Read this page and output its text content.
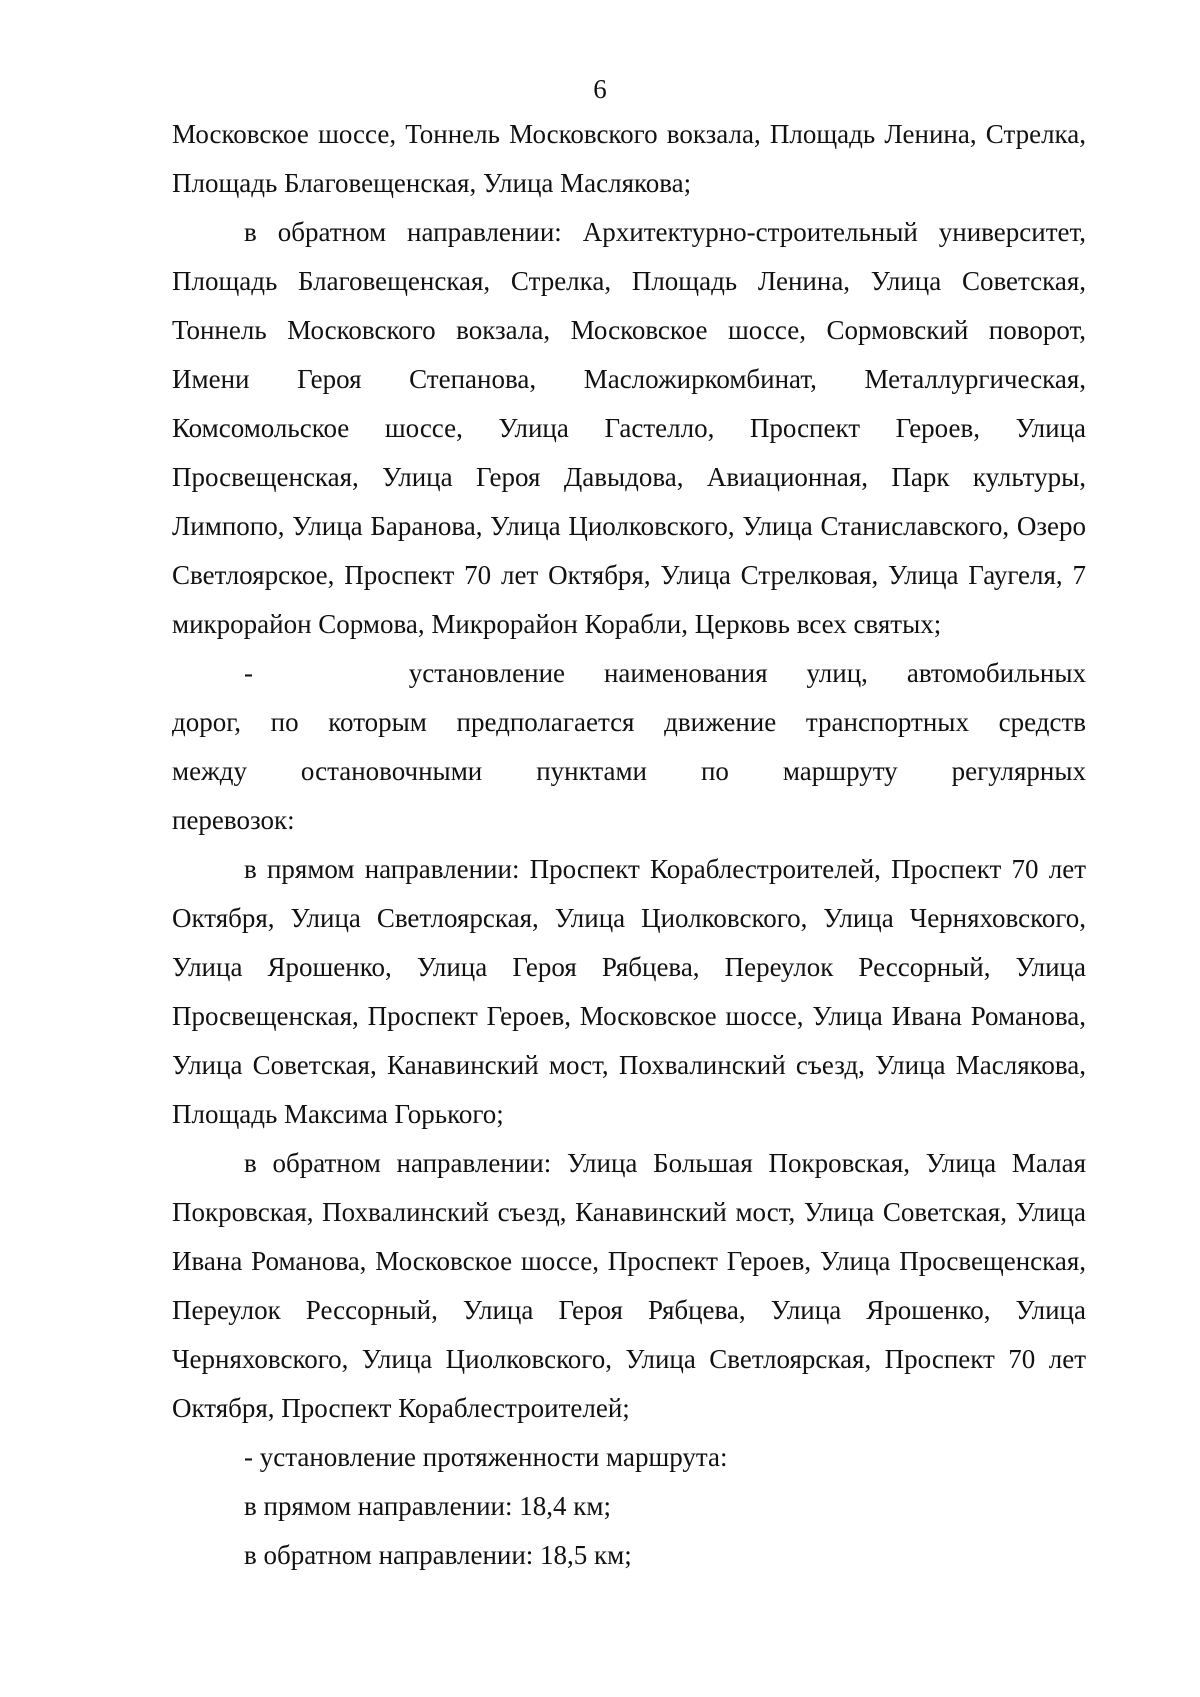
6

Московское шоссе, Тоннель Московского вокзала, Площадь Ленина, Стрелка, Площадь Благовещенская, Улица Маслякова;

в обратном направлении: Архитектурно-строительный университет, Площадь Благовещенская, Стрелка, Площадь Ленина, Улица Советская, Тоннель Московского вокзала, Московское шоссе, Сормовский поворот, Имени Героя Степанова, Масложиркомбинат, Металлургическая, Комсомольское шоссе, Улица Гастелло, Проспект Героев, Улица Просвещенская, Улица Героя Давыдова, Авиационная, Парк культуры, Лимпопо, Улица Баранова, Улица Циолковского, Улица Станиславского, Озеро Светлоярское, Проспект 70 лет Октября, Улица Стрелковая, Улица Гаугеля, 7 микрорайон Сормова, Микрорайон Корабли, Церковь всех святых;

-    установление наименования улиц, автомобильных дорог, по которым предполагается движение транспортных средств между остановочными пунктами по маршруту регулярных перевозок:

в прямом направлении: Проспект Кораблестроителей, Проспект 70 лет Октября, Улица Светлоярская, Улица Циолковского, Улица Черняховского, Улица Ярошенко, Улица Героя Рябцева, Переулок Рессорный, Улица Просвещенская, Проспект Героев, Московское шоссе, Улица Ивана Романова, Улица Советская, Канавинский мост, Похвалинский съезд, Улица Маслякова, Площадь Максима Горького;

в обратном направлении: Улица Большая Покровская, Улица Малая Покровская, Похвалинский съезд, Канавинский мост, Улица Советская, Улица Ивана Романова, Московское шоссе, Проспект Героев, Улица Просвещенская, Переулок Рессорный, Улица Героя Рябцева, Улица Ярошенко, Улица Черняховского, Улица Циолковского, Улица Светлоярская, Проспект 70 лет Октября, Проспект Кораблестроителей;

- установление протяженности маршрута:

в прямом направлении: 18,4 км;

в обратном направлении: 18,5 км;
